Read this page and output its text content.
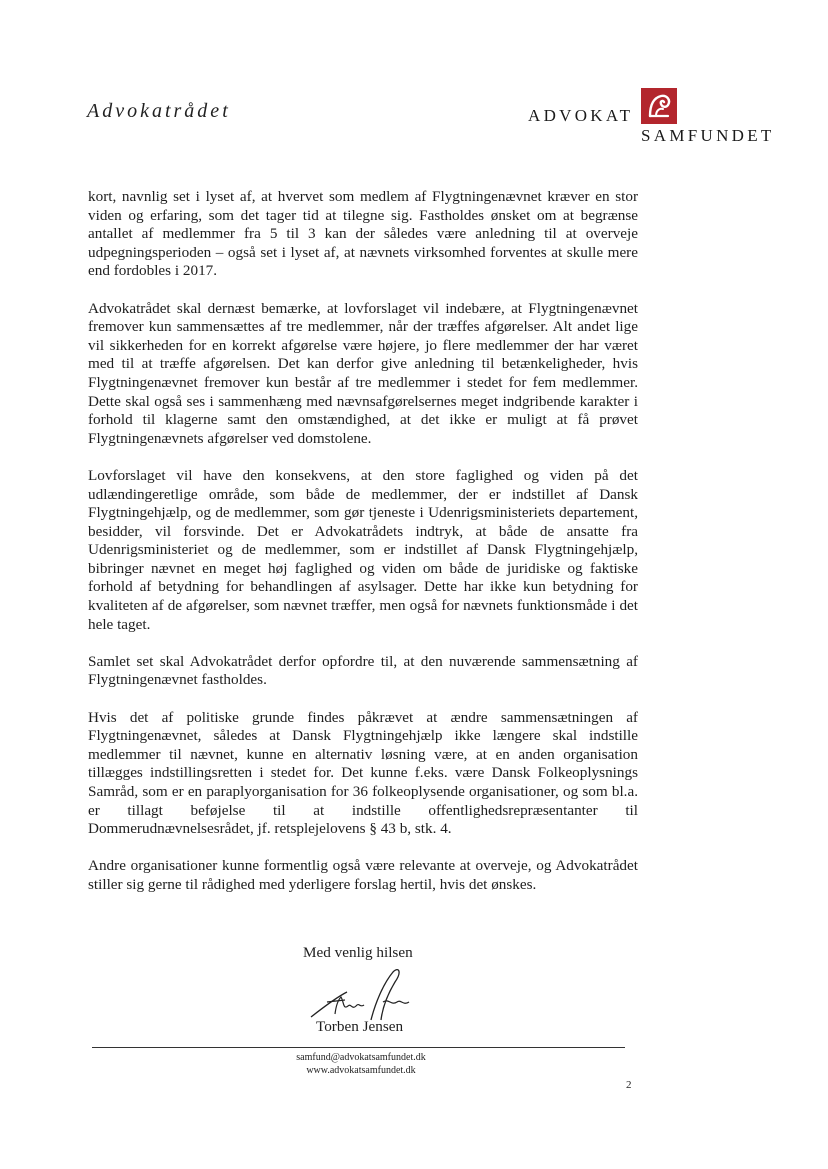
Advokatrådet	ADVOKAT
SAMFUNDET

kort, navnlig set i lyset af, at hvervet som medlem af Flygtningenævnet kræver en stor viden og erfaring, som det tager tid at tilegne sig. Fastholdes ønsket om at begrænse antallet af medlemmer fra 5 til 3 kan der således være anledning til at overveje udpegningsperioden – også set i lyset af, at nævnets virksomhed forventes at skulle mere end fordobles i 2017.

Advokatrådet skal dernæst bemærke, at lovforslaget vil indebære, at Flygtningenævnet fremover kun sammensættes af tre medlemmer, når der træffes afgørelser. Alt andet lige vil sikkerheden for en korrekt afgørelse være højere, jo flere medlemmer der har været med til at træffe afgørelsen. Det kan derfor give anledning til betænkeligheder, hvis Flygtningenævnet fremover kun består af tre medlemmer i stedet for fem medlemmer. Dette skal også ses i sammenhæng med nævnsafgørelsernes meget indgribende karakter i forhold til klagerne samt den omstændighed, at det ikke er muligt at få prøvet Flygtningenævnets afgørelser ved domstolene.

Lovforslaget vil have den konsekvens, at den store faglighed og viden på det udlændingeretlige område, som både de medlemmer, der er indstillet af Dansk Flygtningehjælp, og de medlemmer, som gør tjeneste i Udenrigsministeriets departement, besidder, vil forsvinde. Det er Advokatrådets indtryk, at både de ansatte fra Udenrigsministeriet og de medlemmer, som er indstillet af Dansk Flygtningehjælp, bibringer nævnet en meget høj faglighed og viden om både de juridiske og faktiske forhold af betydning for behandlingen af asylsager. Dette har ikke kun betydning for kvaliteten af de afgørelser, som nævnet træffer, men også for nævnets funktionsmåde i det hele taget.

Samlet set skal Advokatrådet derfor opfordre til, at den nuværende sammensætning af Flygtningenævnet fastholdes.

Hvis det af politiske grunde findes påkrævet at ændre sammensætningen af Flygtningenævnet, således at Dansk Flygtningehjælp ikke længere skal indstille medlemmer til nævnet, kunne en alternativ løsning være, at en anden organisation tillægges indstillingsretten i stedet for. Det kunne f.eks. være Dansk Folkeoplysnings Samråd, som er en paraplyorganisation for 36 folkeoplysende organisationer, og som bl.a. er tillagt beføjelse til at indstille offentlighedsrepræsentanter til Dommerudnævnelsesrådet, jf. retsplejelovens § 43 b, stk. 4.

Andre organisationer kunne formentlig også være relevante at overveje, og Advokatrådet stiller sig gerne til rådighed med yderligere forslag hertil, hvis det ønskes.

Med venlig hilsen
Torben Jensen
samfund@advokatsamfundet.dk
www.advokatsamfundet.dk
2
